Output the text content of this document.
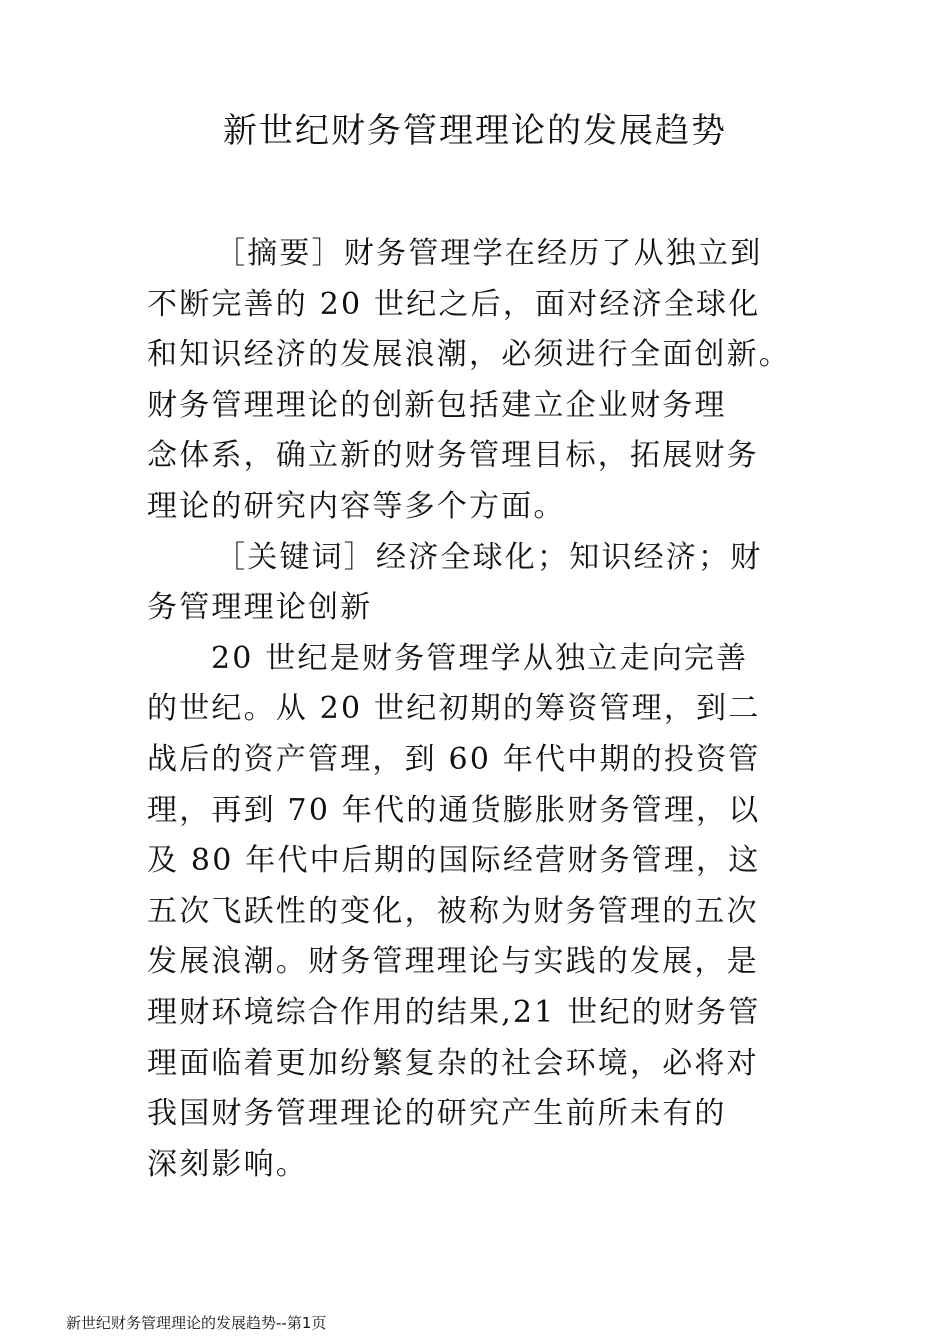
新世纪财务管理理论的发展趋势
［摘要］财务管理学在经历了从独立到
不断完善的 20 世纪之后，面对经济全球化
和知识经济的发展浪潮，必须进行全面创新。
财务管理理论的创新包括建立企业财务理
念体系，确立新的财务管理目标，拓展财务
理论的研究内容等多个方面。
［关键词］经济全球化；知识经济；财
务管理理论创新
20 世纪是财务管理学从独立走向完善
的世纪。从 20 世纪初期的筹资管理，到二
战后的资产管理，到 60 年代中期的投资管
理，再到 70 年代的通货膨胀财务管理，以
及 80 年代中后期的国际经营财务管理，这
五次飞跃性的变化，被称为财务管理的五次
发展浪潮。财务管理理论与实践的发展，是
理财环境综合作用的结果,21 世纪的财务管
理面临着更加纷繁复杂的社会环境，必将对
我国财务管理理论的研究产生前所未有的
深刻影响。
新世纪财务管理理论的发展趋势--第1页
